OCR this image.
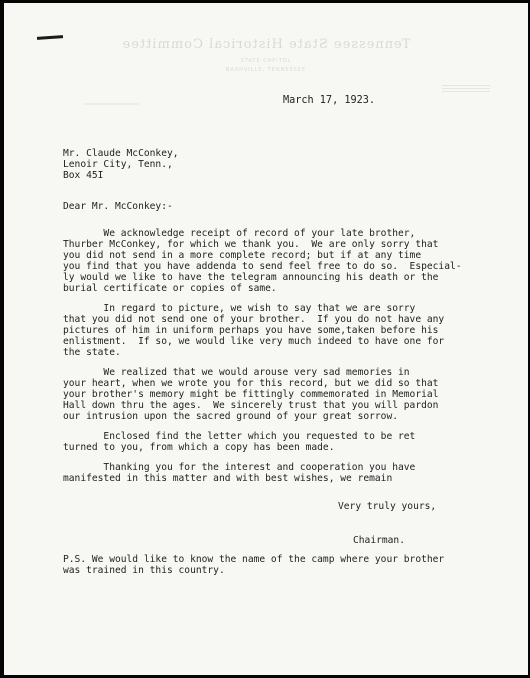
Tennessee State Historical Committee
STATE CAPITOL
NASHVILLE, TENNESSEE

March 17, 1923.

Mr. Claude McConkey,
Lenoir City, Tenn.,
Box 45I

Dear Mr. McConkey:-

We acknowledge receipt of record of your late brother,
Thurber McConkey, for which we thank you.  We are only sorry that
you did not send in a more complete record; but if at any time
you find that you have addenda to send feel free to do so.  Especial-
ly would we like to have the telegram announcing his death or the
burial certificate or copies of same.

In regard to picture, we wish to say that we are sorry
that you did not send one of your brother.  If you do not have any
pictures of him in uniform perhaps you have some,taken before his
enlistment.  If so, we would like very much indeed to have one for
the state.

We realized that we would arouse very sad memories in
your heart, when we wrote you for this record, but we did so that
your brother's memory might be fittingly commemorated in Memorial
Hall down thru the ages.  We sincerely trust that you will pardon
our intrusion upon the sacred ground of your great sorrow.

Enclosed find the letter which you requested to be ret
turned to you, from which a copy has been made.

Thanking you for the interest and cooperation you have
manifested in this matter and with best wishes, we remain

Very truly yours,

Chairman.

P.S. We would like to know the name of the camp where your brother
was trained in this country.
